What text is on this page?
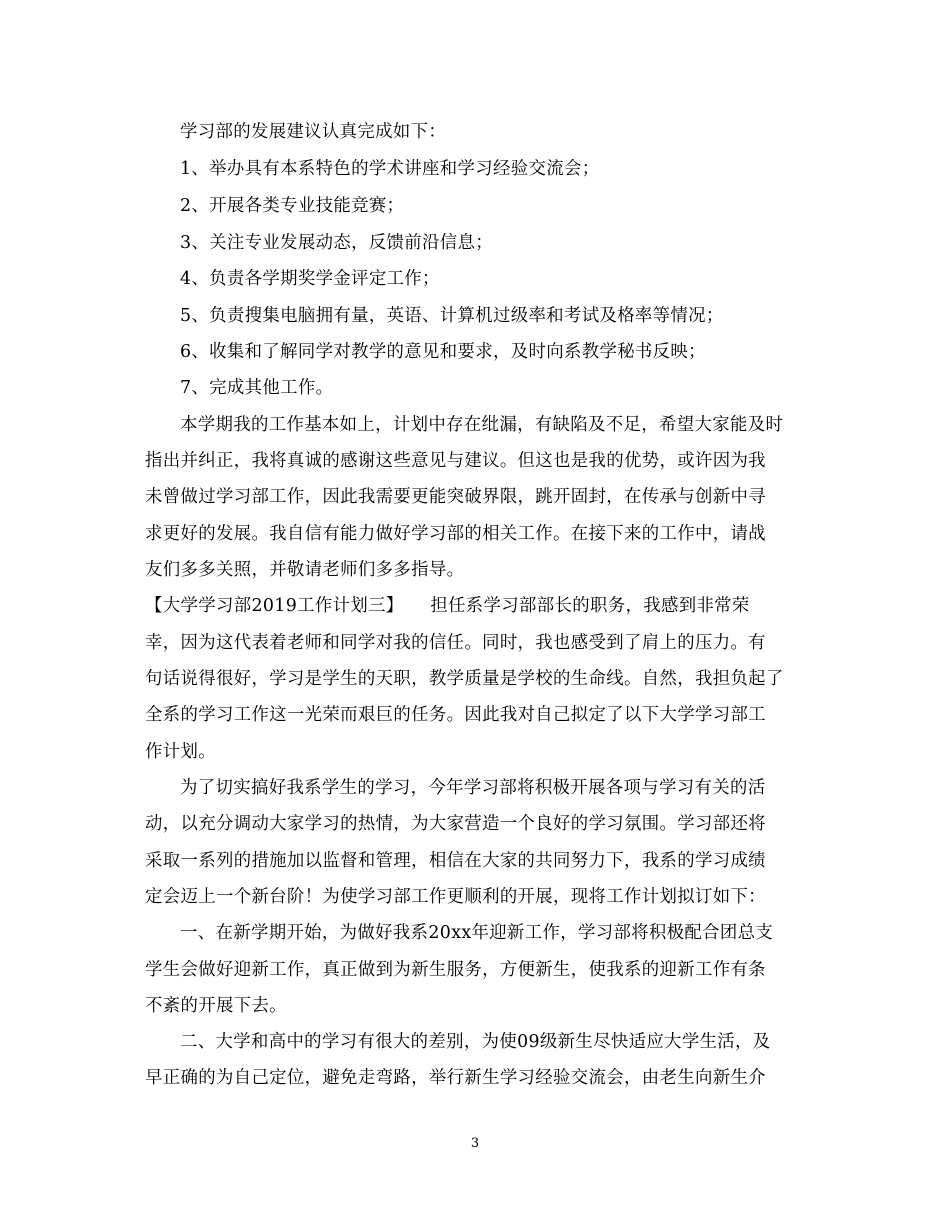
学习部的发展建议认真完成如下：
1、举办具有本系特色的学术讲座和学习经验交流会；
2、开展各类专业技能竞赛；
3、关注专业发展动态，反馈前沿信息；
4、负责各学期奖学金评定工作；
5、负责搜集电脑拥有量，英语、计算机过级率和考试及格率等情况；
6、收集和了解同学对教学的意见和要求，及时向系教学秘书反映；
7、完成其他工作。
本学期我的工作基本如上，计划中存在纰漏，有缺陷及不足，希望大家能及时
指出并纠正，我将真诚的感谢这些意见与建议。但这也是我的优势，或许因为我
未曾做过学习部工作，因此我需要更能突破界限，跳开固封，在传承与创新中寻
求更好的发展。我自信有能力做好学习部的相关工作。在接下来的工作中，请战
友们多多关照，并敬请老师们多多指导。
【大学学习部2019工作计划三】　　担任系学习部部长的职务，我感到非常荣
幸，因为这代表着老师和同学对我的信任。同时，我也感受到了肩上的压力。有
句话说得很好，学习是学生的天职，教学质量是学校的生命线。自然，我担负起了
全系的学习工作这一光荣而艰巨的任务。因此我对自己拟定了以下大学学习部工
作计划。
为了切实搞好我系学生的学习，今年学习部将积极开展各项与学习有关的活
动，以充分调动大家学习的热情，为大家营造一个良好的学习氛围。学习部还将
采取一系列的措施加以监督和管理，相信在大家的共同努力下，我系的学习成绩
定会迈上一个新台阶！为使学习部工作更顺利的开展，现将工作计划拟订如下：
一、在新学期开始，为做好我系20xx年迎新工作，学习部将积极配合团总支
学生会做好迎新工作，真正做到为新生服务，方便新生，使我系的迎新工作有条
不紊的开展下去。
二、大学和高中的学习有很大的差别，为使09级新生尽快适应大学生活，及
早正确的为自己定位，避免走弯路，举行新生学习经验交流会，由老生向新生介
3
